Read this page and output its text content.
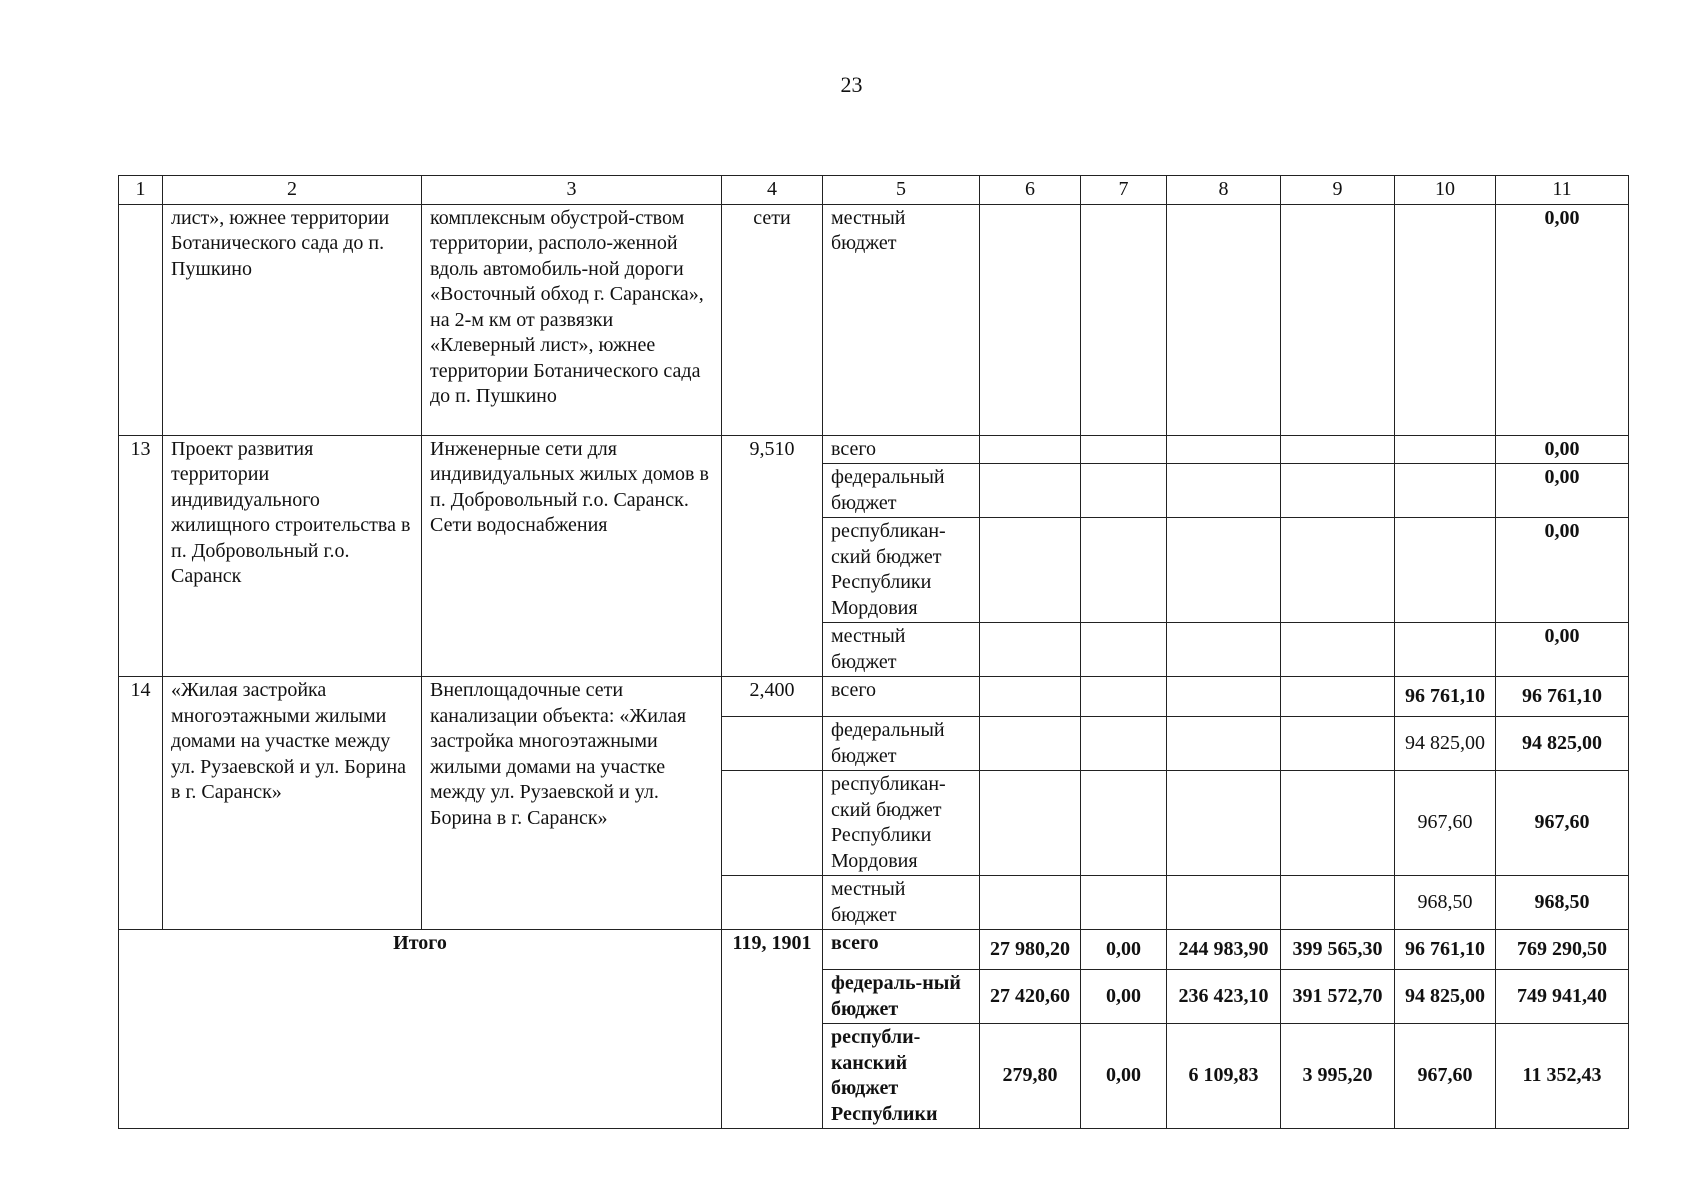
23
1	2	3	4	5	6	7	8	9	10	11
	лист», южнее территории Ботанического сада до п. Пушкино	комплексным обустрой-ством территории, располо-женной вдоль автомобиль-ной дороги «Восточный обход г. Саранска», на 2-м км от развязки «Клеверный лист», южнее территории Ботанического сада до п. Пушкино	сети	местный бюджет						0,00
13	Проект развития территории индивидуального жилищного строительства в п. Добровольный г.о. Саранск	Инженерные сети для индивидуальных жилых домов в п. Добровольный г.о. Саранск. Сети водоснабжения	9,510	всего						0,00
				федеральный бюджет						0,00
				республикан-ский бюджет Республики Мордовия						0,00
				местный бюджет						0,00
14	«Жилая застройка многоэтажными жилыми домами на участке между ул. Рузаевской и ул. Борина в г. Саранск»	Внеплощадочные сети канализации объекта: «Жилая застройка многоэтажными жилыми домами на участке между ул. Рузаевской и ул. Борина в г. Саранск»	2,400	всего					96 761,10	96 761,10
				федеральный бюджет					94 825,00	94 825,00
				республикан-ский бюджет Республики Мордовия					967,60	967,60
				местный бюджет					968,50	968,50
Итого			119, 1901	всего	27 980,20	0,00	244 983,90	399 565,30	96 761,10	769 290,50
				федераль-ный бюджет	27 420,60	0,00	236 423,10	391 572,70	94 825,00	749 941,40
				республи-канский бюджет Республики	279,80	0,00	6 109,83	3 995,20	967,60	11 352,43
